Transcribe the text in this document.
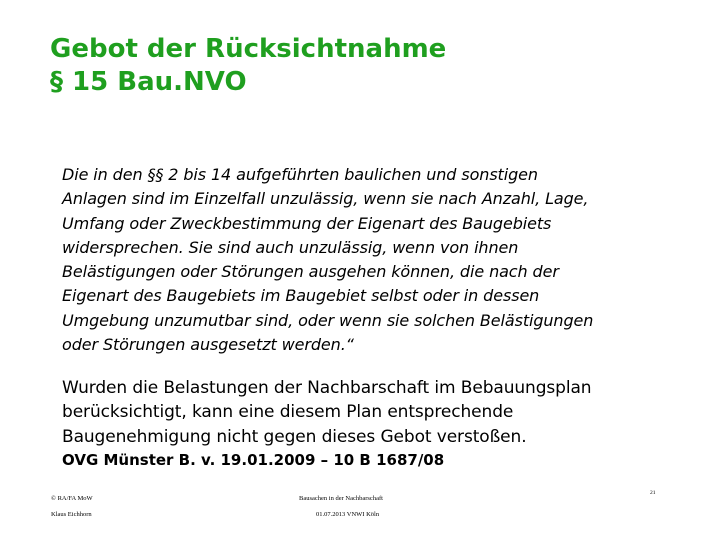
Gebot der Rücksichtnahme
§ 15 Bau.NVO

Die in den §§ 2 bis 14 aufgeführten baulichen und sonstigen
Anlagen sind im Einzelfall unzulässig, wenn sie nach Anzahl, Lage,
Umfang oder Zweckbestimmung der Eigenart des Baugebiets
widersprechen. Sie sind auch unzulässig, wenn von ihnen
Belästigungen oder Störungen ausgehen können, die nach der
Eigenart des Baugebiets im Baugebiet selbst oder in dessen
Umgebung unzumutbar sind, oder wenn sie solchen Belästigungen
oder Störungen ausgesetzt werden.“

Wurden die Belastungen der Nachbarschaft im Bebauungsplan
berücksichtigt, kann eine diesem Plan entsprechende
Baugenehmigung nicht gegen dieses Gebot verstoßen.

OVG Münster B. v. 19.01.2009 – 10 B 1687/08

© RA/FA MoW
Klaus Eichhorn
Bausachen in der Nachbarschaft
01.07.2013 VNWI Köln
21
